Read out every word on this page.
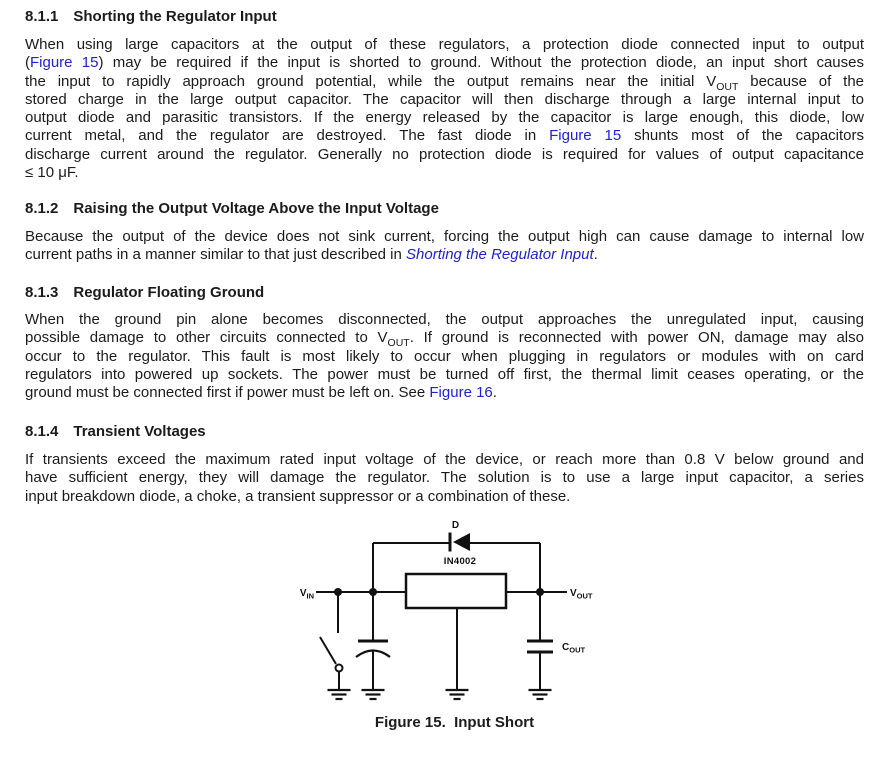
8.1.1 Shorting the Regulator Input
When using large capacitors at the output of these regulators, a protection diode connected input to output
(Figure 15) may be required if the input is shorted to ground. Without the protection diode, an input short causes
the input to rapidly approach ground potential, while the output remains near the initial $V_{OUT}$ because of the
stored charge in the large output capacitor. The capacitor will then discharge through a large internal input to
output diode and parasitic transistors. If the energy released by the capacitor is large enough, this diode, low
current metal, and the regulator are destroyed. The fast diode in Figure 15 shunts most of the capacitors
discharge current around the regulator. Generally no protection diode is required for values of output capacitance
≤ 10 μF.
8.1.2 Raising the Output Voltage Above the Input Voltage
Because the output of the device does not sink current, forcing the output high can cause damage to internal low
current paths in a manner similar to that just described in Shorting the Regulator Input.
8.1.3 Regulator Floating Ground
When the ground pin alone becomes disconnected, the output approaches the unregulated input, causing
possible damage to other circuits connected to $V_{OUT}$. If ground is reconnected with power ON, damage may also
occur to the regulator. This fault is most likely to occur when plugging in regulators or modules with on card
regulators into powered up sockets. The power must be turned off first, the thermal limit ceases operating, or the
ground must be connected first if power must be left on. See Figure 16.
8.1.4 Transient Voltages
If transients exceed the maximum rated input voltage of the device, or reach more than 0.8 V below ground and
have sufficient energy, they will damage the regulator. The solution is to use a large input capacitor, a series
input breakdown diode, a choke, a transient suppressor or a combination of these.
D
IN4002
$V_{IN}$	$V_{OUT}$
$C_{OUT}$
Figure 15.  Input Short
